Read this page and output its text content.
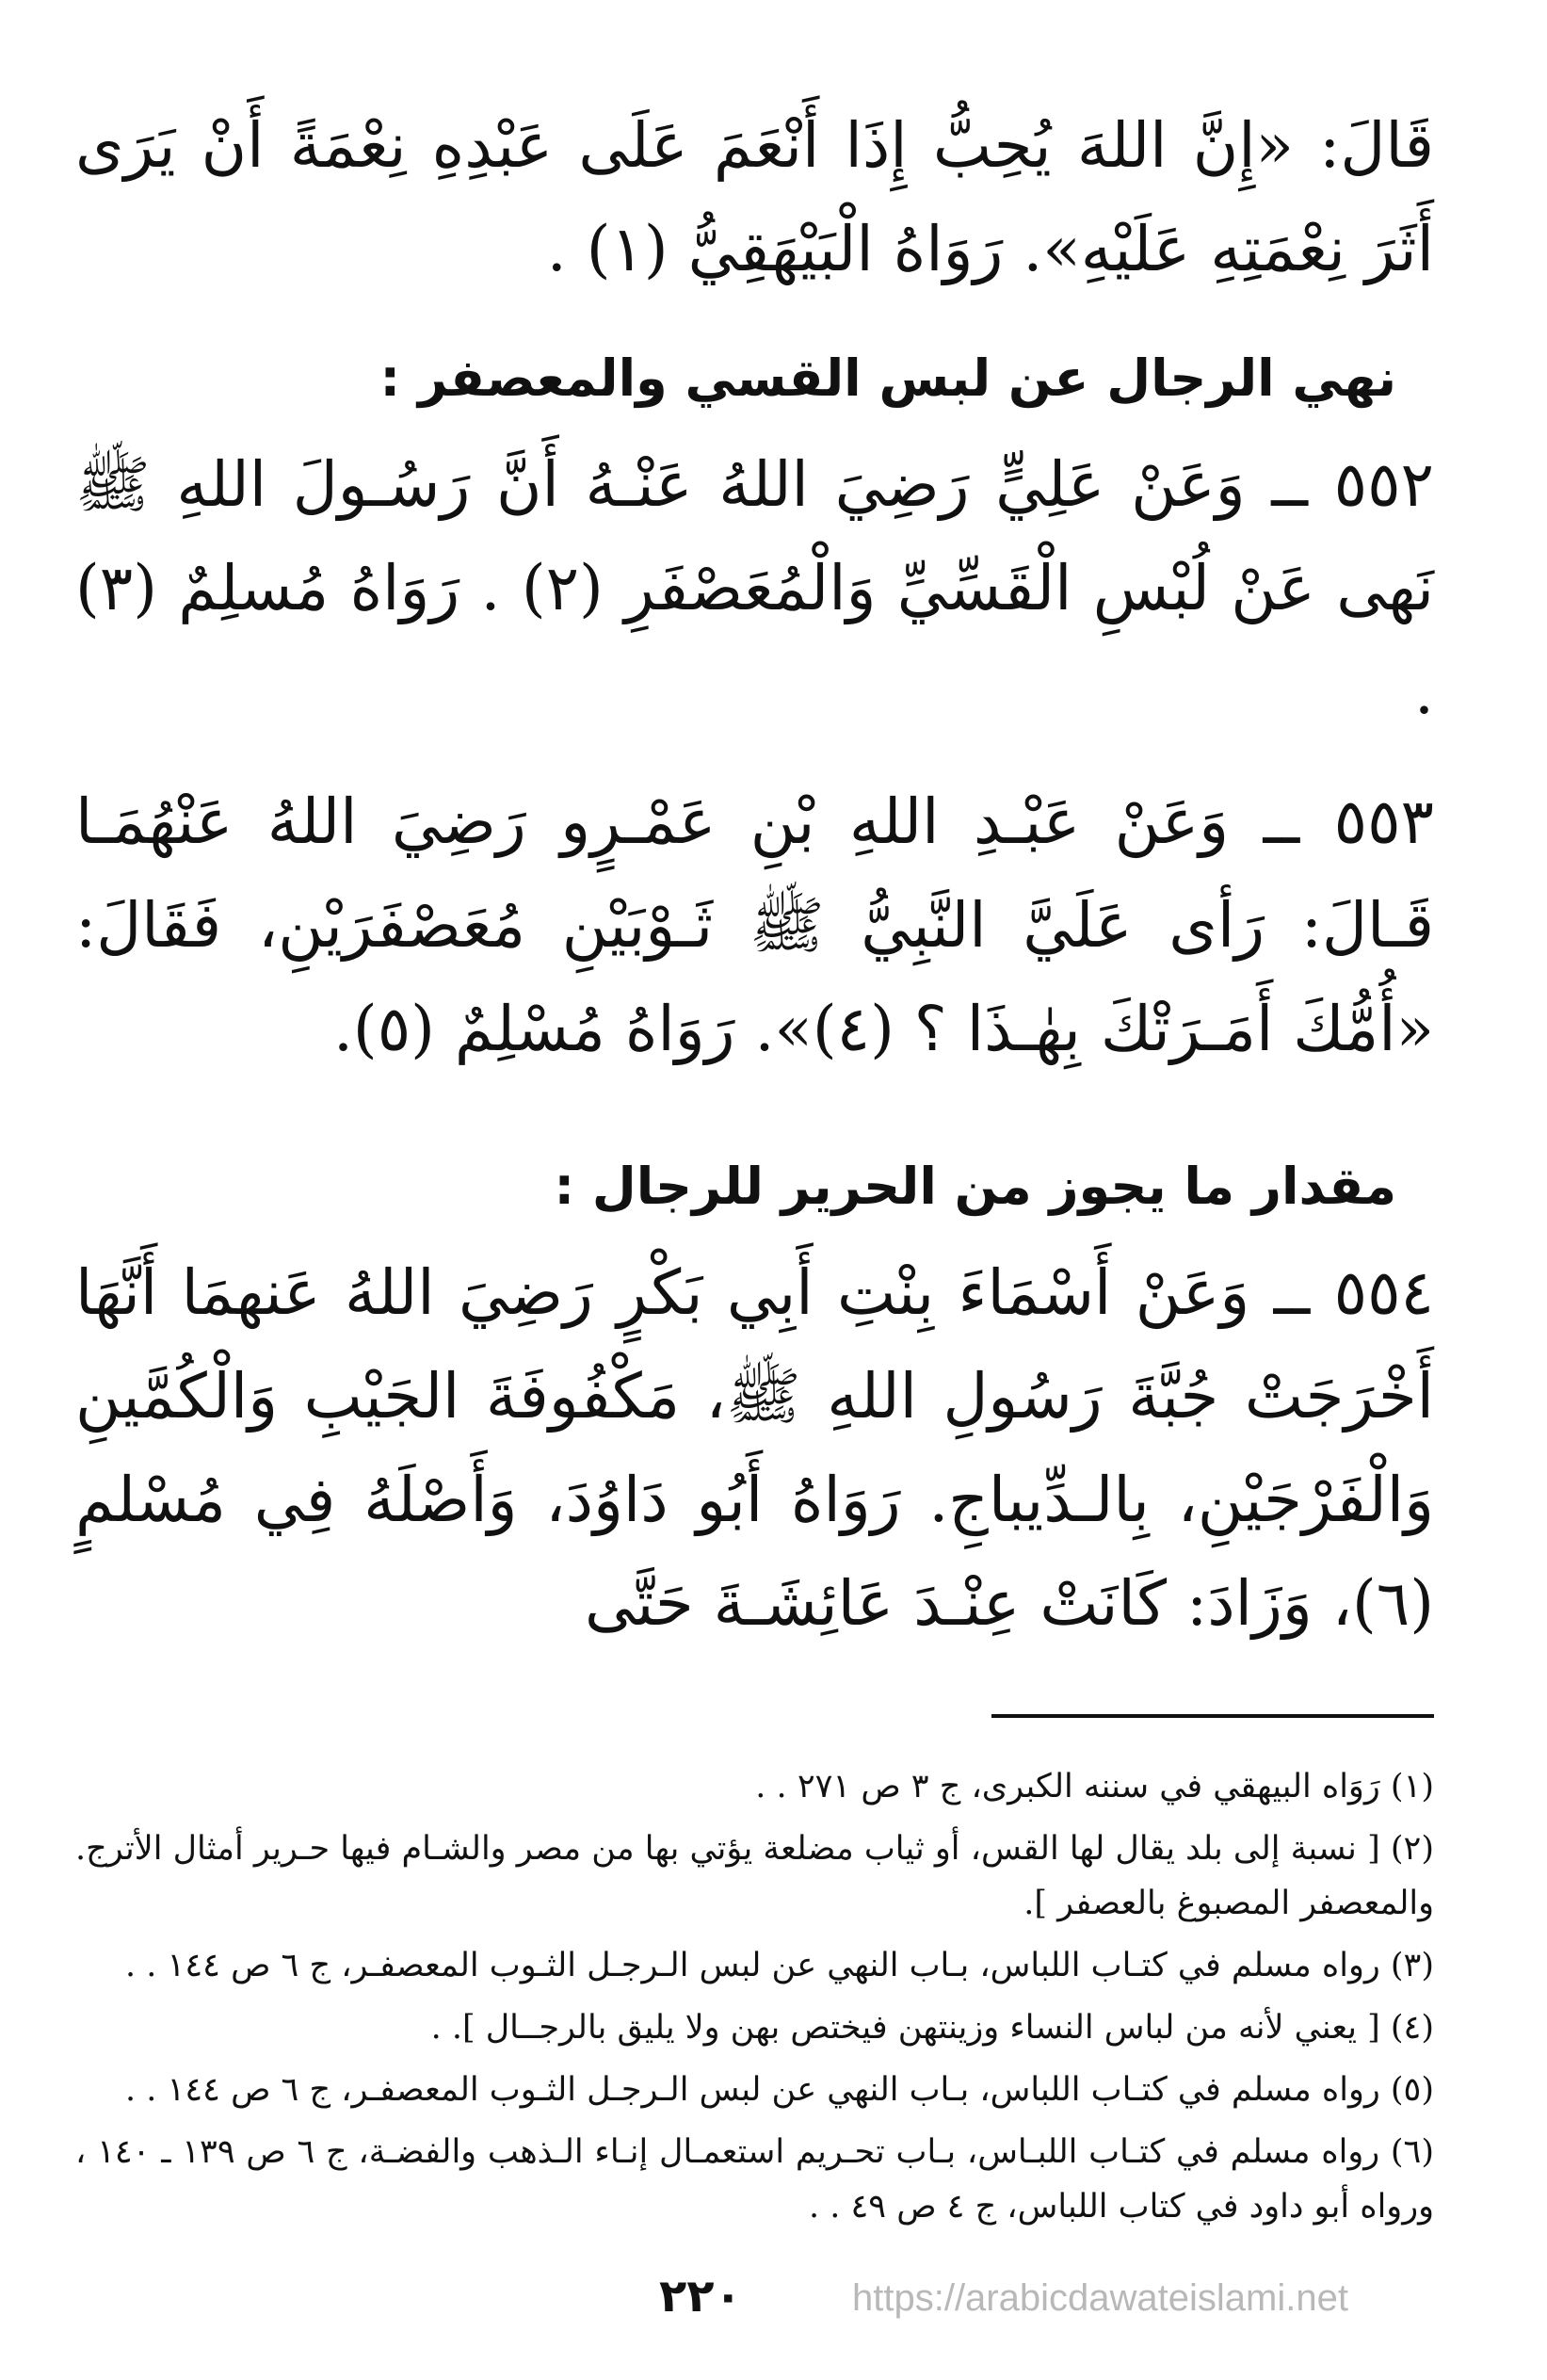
قَالَ: «إِنَّ اللهَ يُحِبُّ إِذَا أَنْعَمَ عَلَى عَبْدِهِ نِعْمَةً أَنْ يَرَى أَثَرَ نِعْمَتِهِ عَلَيْهِ». رَوَاهُ الْبَيْهَقِيُّ (١) .

نهي الرجال عن لبس القسي والمعصفر :

٥٥٢ ــ وَعَنْ عَلِيٍّ رَضِيَ اللهُ عَنْـهُ أَنَّ رَسُـولَ اللهِ ﷺ نَهى عَنْ لُبْسِ الْقَسِّيِّ وَالْمُعَصْفَرِ (٢) . رَوَاهُ مُسلِمٌ (٣) .

٥٥٣ ــ وَعَنْ عَبْـدِ اللهِ بْنِ عَمْـرٍو رَضِيَ اللهُ عَنْهُمَـا قَـالَ: رَأى عَلَيَّ النَّبِيُّ ﷺ ثَـوْبَيْنِ مُعَصْفَرَيْنِ، فَقَالَ: «أُمُّكَ أَمَـرَتْكَ بِهٰـذَا ؟ (٤)». رَوَاهُ مُسْلِمٌ (٥).

مقدار ما يجوز من الحرير للرجال :

٥٥٤ ــ وَعَنْ أَسْمَاءَ بِنْتِ أَبِي بَكْرٍ رَضِيَ اللهُ عَنهمَا أَنَّهَا أَخْرَجَتْ جُبَّةَ رَسُولِ اللهِ ﷺ، مَكْفُوفَةَ الجَيْبِ وَالْكُمَّينِ وَالْفَرْجَيْنِ، بِالـدِّيباجِ. رَوَاهُ أَبُو دَاوُدَ، وَأَصْلَهُ فِي مُسْلمٍ (٦)، وَزَادَ: كَانَتْ عِنْـدَ عَائِشَـةَ حَتَّى

(١) رَوَاه البيهقي في سننه الكبرى، ج ٣ ص ٢٧١ . .

(٢) [ نسبة إلى بلد يقال لها القس، أو ثياب مضلعة يؤتي بها من مصر والشـام فيها حـرير أمثال الأترج. والمعصفر المصبوغ بالعصفر ].

(٣) رواه مسلم في كتـاب اللباس، بـاب النهي عن لبس الـرجـل الثـوب المعصفـر، ج ٦ ص ١٤٤ . .

(٤) [ يعني لأنه من لباس النساء وزينتهن فيختص بهن ولا يليق بالرجــال ]. .

(٥) رواه مسلم في كتـاب اللباس، بـاب النهي عن لبس الـرجـل الثـوب المعصفـر، ج ٦ ص ١٤٤ . .

(٦) رواه مسلم في كتـاب اللبـاس، بـاب تحـريم استعمـال إنـاء الـذهب والفضـة، ج ٦ ص ١٣٩ ـ ١٤٠ ، ورواه أبو داود في كتاب اللباس، ج ٤ ص ٤٩ . .

٢٢٠	https://arabicdawateislami.net
